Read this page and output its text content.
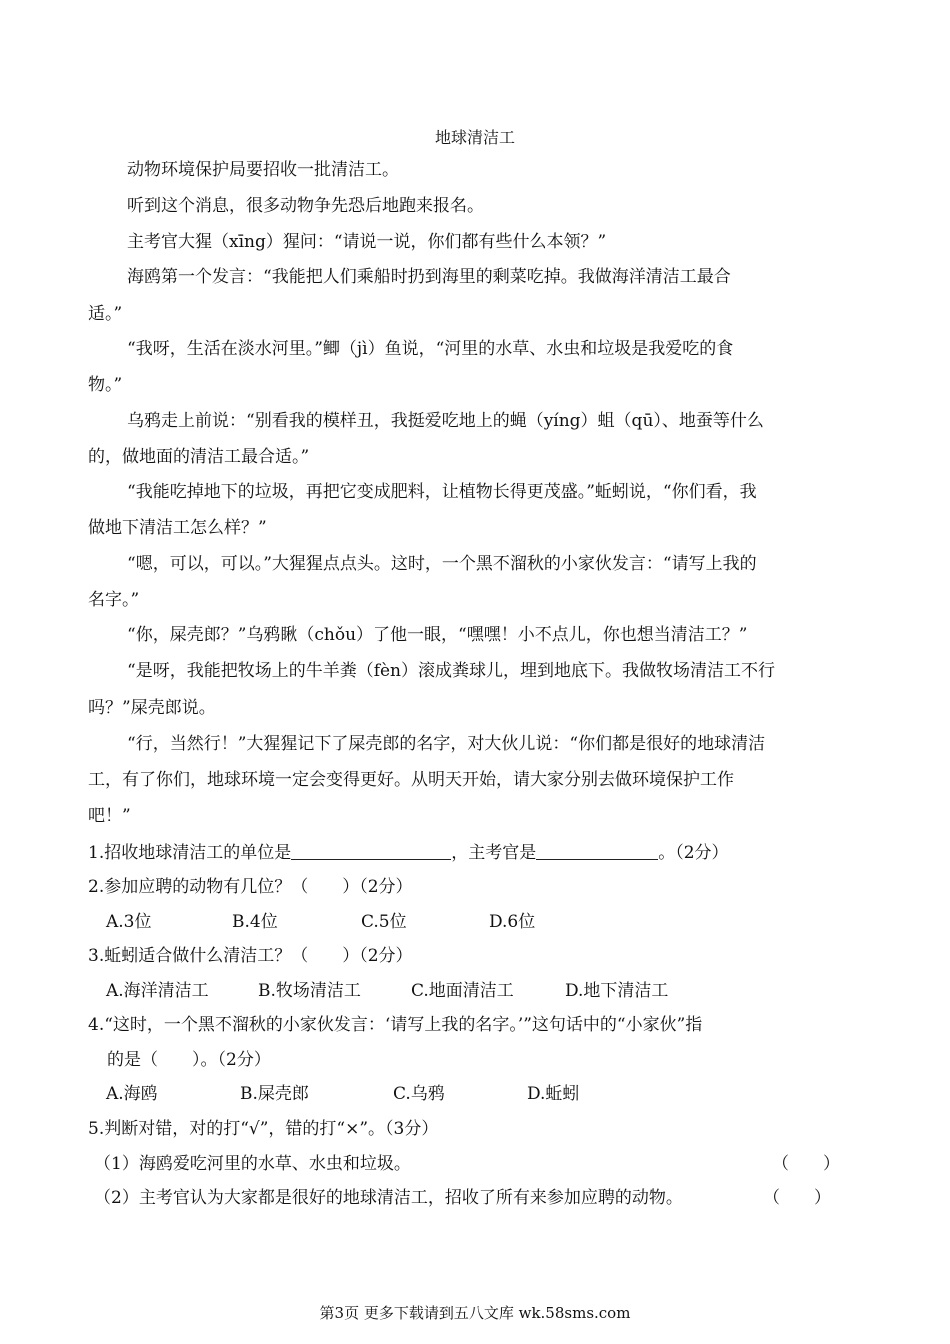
地球清洁工
动物环境保护局要招收一批清洁工。
听到这个消息，很多动物争先恐后地跑来报名。
主考官大猩（xīng）猩问：“请说一说，你们都有些什么本领？”
海鸥第一个发言：“我能把人们乘船时扔到海里的剩菜吃掉。我做海洋清洁工最合
适。”
“我呀，生活在淡水河里。”鲫（jì）鱼说，“河里的水草、水虫和垃圾是我爱吃的食
物。”
乌鸦走上前说：“别看我的模样丑，我挺爱吃地上的蝇（yíng）蛆（qū）、地蚕等什么
的，做地面的清洁工最合适。”
“我能吃掉地下的垃圾，再把它变成肥料，让植物长得更茂盛。”蚯蚓说，“你们看，我
做地下清洁工怎么样？”
“嗯，可以，可以。”大猩猩点点头。这时，一个黑不溜秋的小家伙发言：“请写上我的
名字。”
“你，屎壳郎？”乌鸦瞅（chǒu）了他一眼，“嘿嘿！小不点儿，你也想当清洁工？”
“是呀，我能把牧场上的牛羊粪（fèn）滚成粪球儿，埋到地底下。我做牧场清洁工不行
吗？”屎壳郎说。
“行，当然行！”大猩猩记下了屎壳郎的名字，对大伙儿说：“你们都是很好的地球清洁
工，有了你们，地球环境一定会变得更好。从明天开始，请大家分别去做环境保护工作
吧！”
1.招收地球清洁工的单位是	，主考官是	。（2分）
2.参加应聘的动物有几位？（　　）（2分）
A.3位	B.4位	C.5位	D.6位
3.蚯蚓适合做什么清洁工？（　　）（2分）
A.海洋清洁工	B.牧场清洁工	C.地面清洁工	D.地下清洁工
4.“这时，一个黑不溜秋的小家伙发言：‘请写上我的名字。’”这句话中的“小家伙”指
的是（　　）。（2分）
A.海鸥	B.屎壳郎	C.乌鸦	D.蚯蚓
5.判断对错，对的打“√”，错的打“×”。（3分）
（1）海鸥爱吃河里的水草、水虫和垃圾。	（　　）
（2）主考官认为大家都是很好的地球清洁工，招收了所有来参加应聘的动物。	（　　）
第3页 更多下载请到五八文库 wk.58sms.com
